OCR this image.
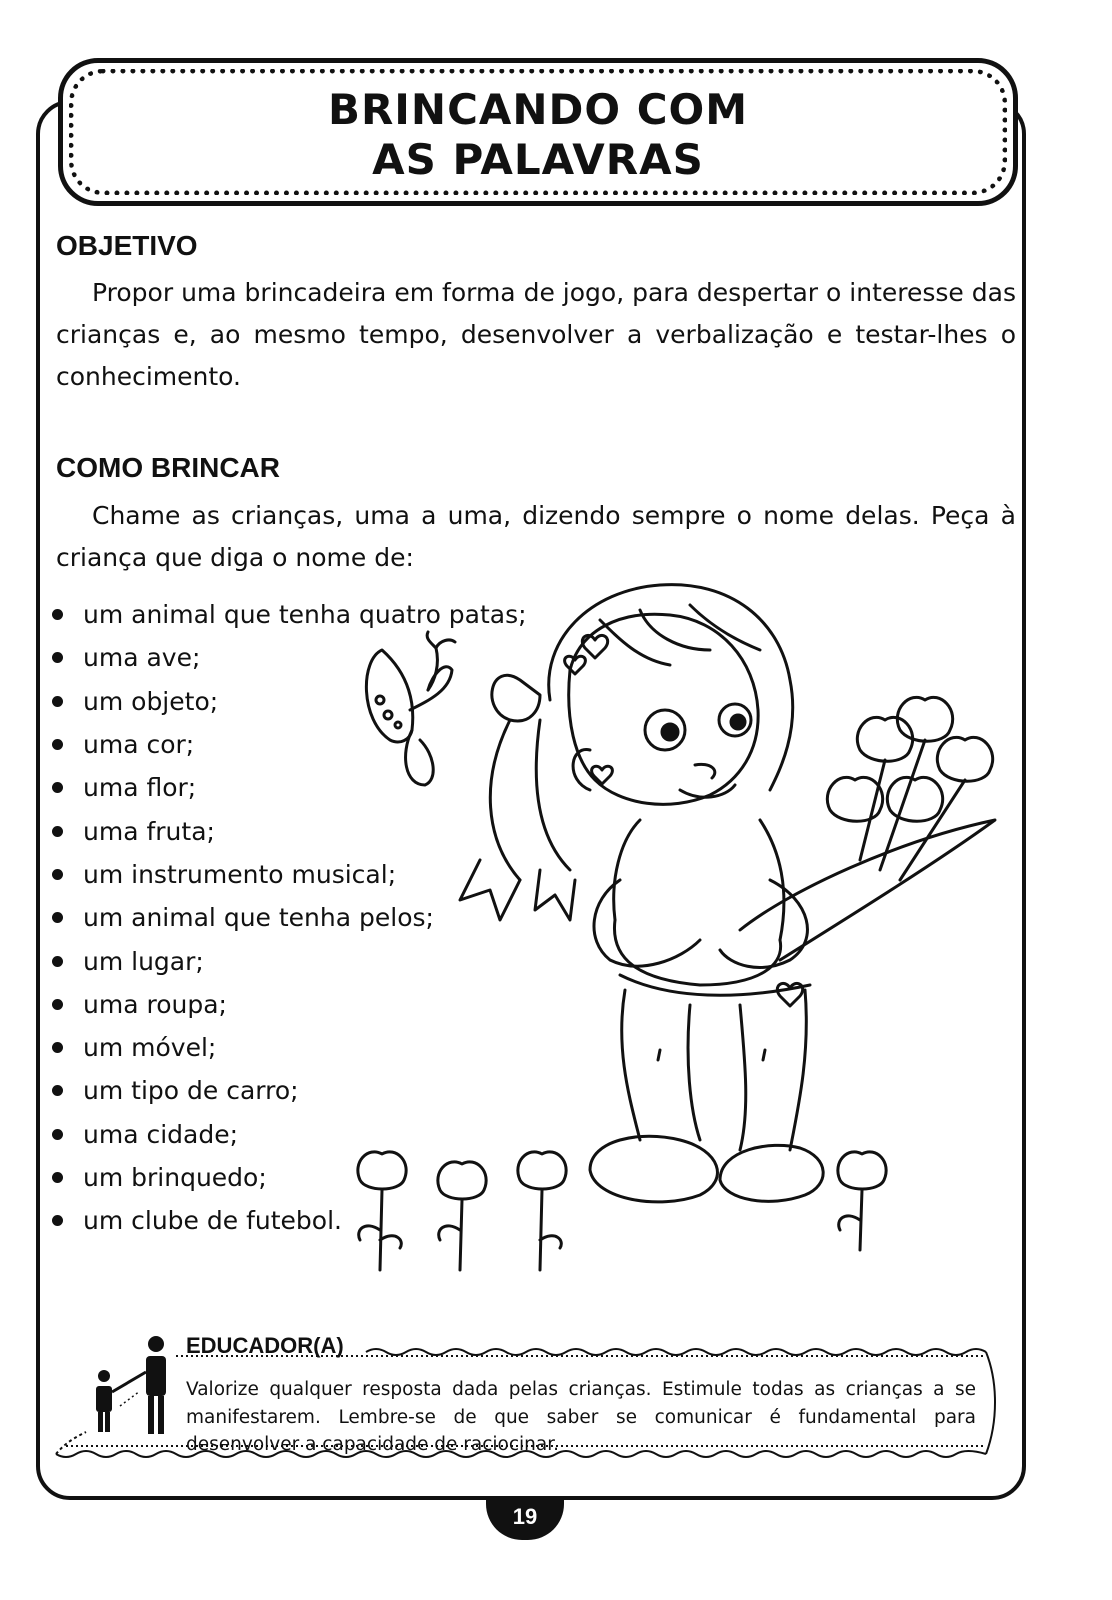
BRINCANDO COM
AS PALAVRAS
OBJETIVO
Propor uma brincadeira em forma de jogo, para despertar o interesse das crianças e, ao mesmo tempo, desenvolver a verbalização e testar-lhes o conhecimento.
COMO BRINCAR
Chame as crianças, uma a uma, dizendo sempre o nome delas. Peça à criança que diga o nome de:
um animal que tenha quatro patas;
uma ave;
um objeto;
uma cor;
uma flor;
uma fruta;
um instrumento musical;
um animal que tenha pelos;
um lugar;
uma roupa;
um móvel;
um tipo de carro;
uma cidade;
um brinquedo;
um clube de futebol.
EDUCADOR(A)
Valorize qualquer resposta dada pelas crianças. Estimule todas as crianças a se manifestarem. Lembre-se de que saber se comunicar é fundamental para desenvolver a capacidade de raciocinar.
19
